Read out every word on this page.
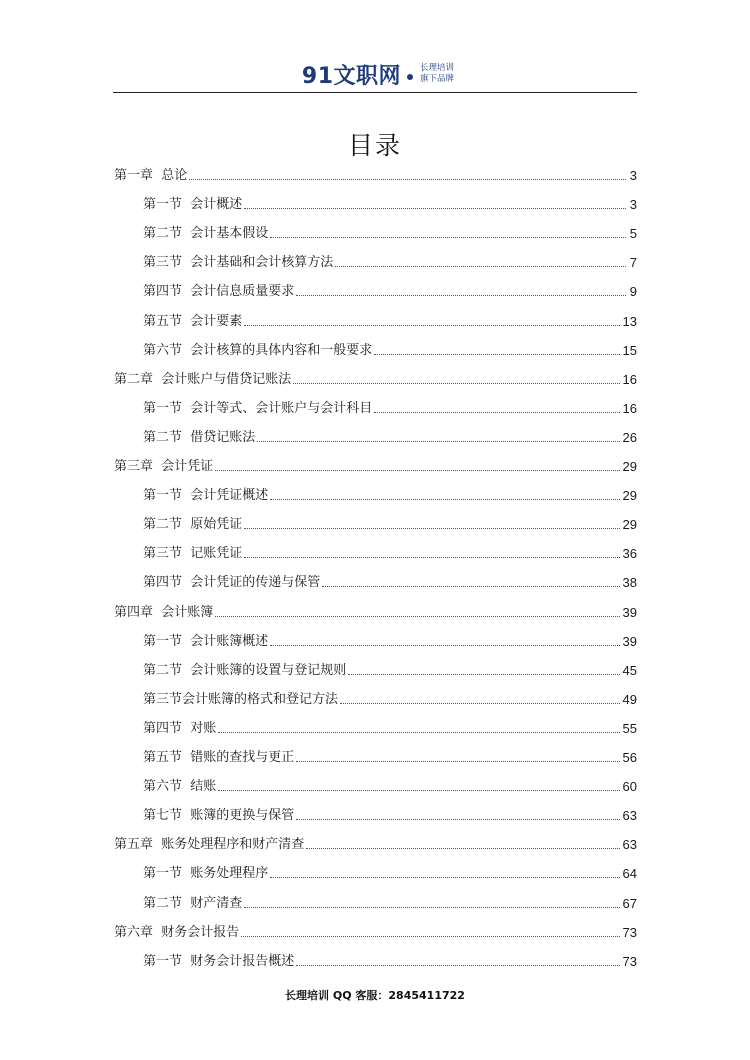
91文职网 长理培训
旗下品牌
目录
第一章  总论	3
第一节  会计概述	3
第二节  会计基本假设	5
第三节  会计基础和会计核算方法	7
第四节  会计信息质量要求	9
第五节  会计要素	13
第六节  会计核算的具体内容和一般要求	15
第二章  会计账户与借贷记账法	16
第一节  会计等式、会计账户与会计科目	16
第二节  借贷记账法	26
第三章  会计凭证	29
第一节  会计凭证概述	29
第二节  原始凭证	29
第三节  记账凭证	36
第四节  会计凭证的传递与保管	38
第四章  会计账簿	39
第一节  会计账簿概述	39
第二节  会计账簿的设置与登记规则	45
第三节会计账簿的格式和登记方法	49
第四节  对账	55
第五节  错账的查找与更正	56
第六节  结账	60
第七节  账簿的更换与保管	63
第五章  账务处理程序和财产清查	63
第一节  账务处理程序	64
第二节  财产清查	67
第六章  财务会计报告	73
第一节  财务会计报告概述	73
长理培训 QQ 客服：2845411722
